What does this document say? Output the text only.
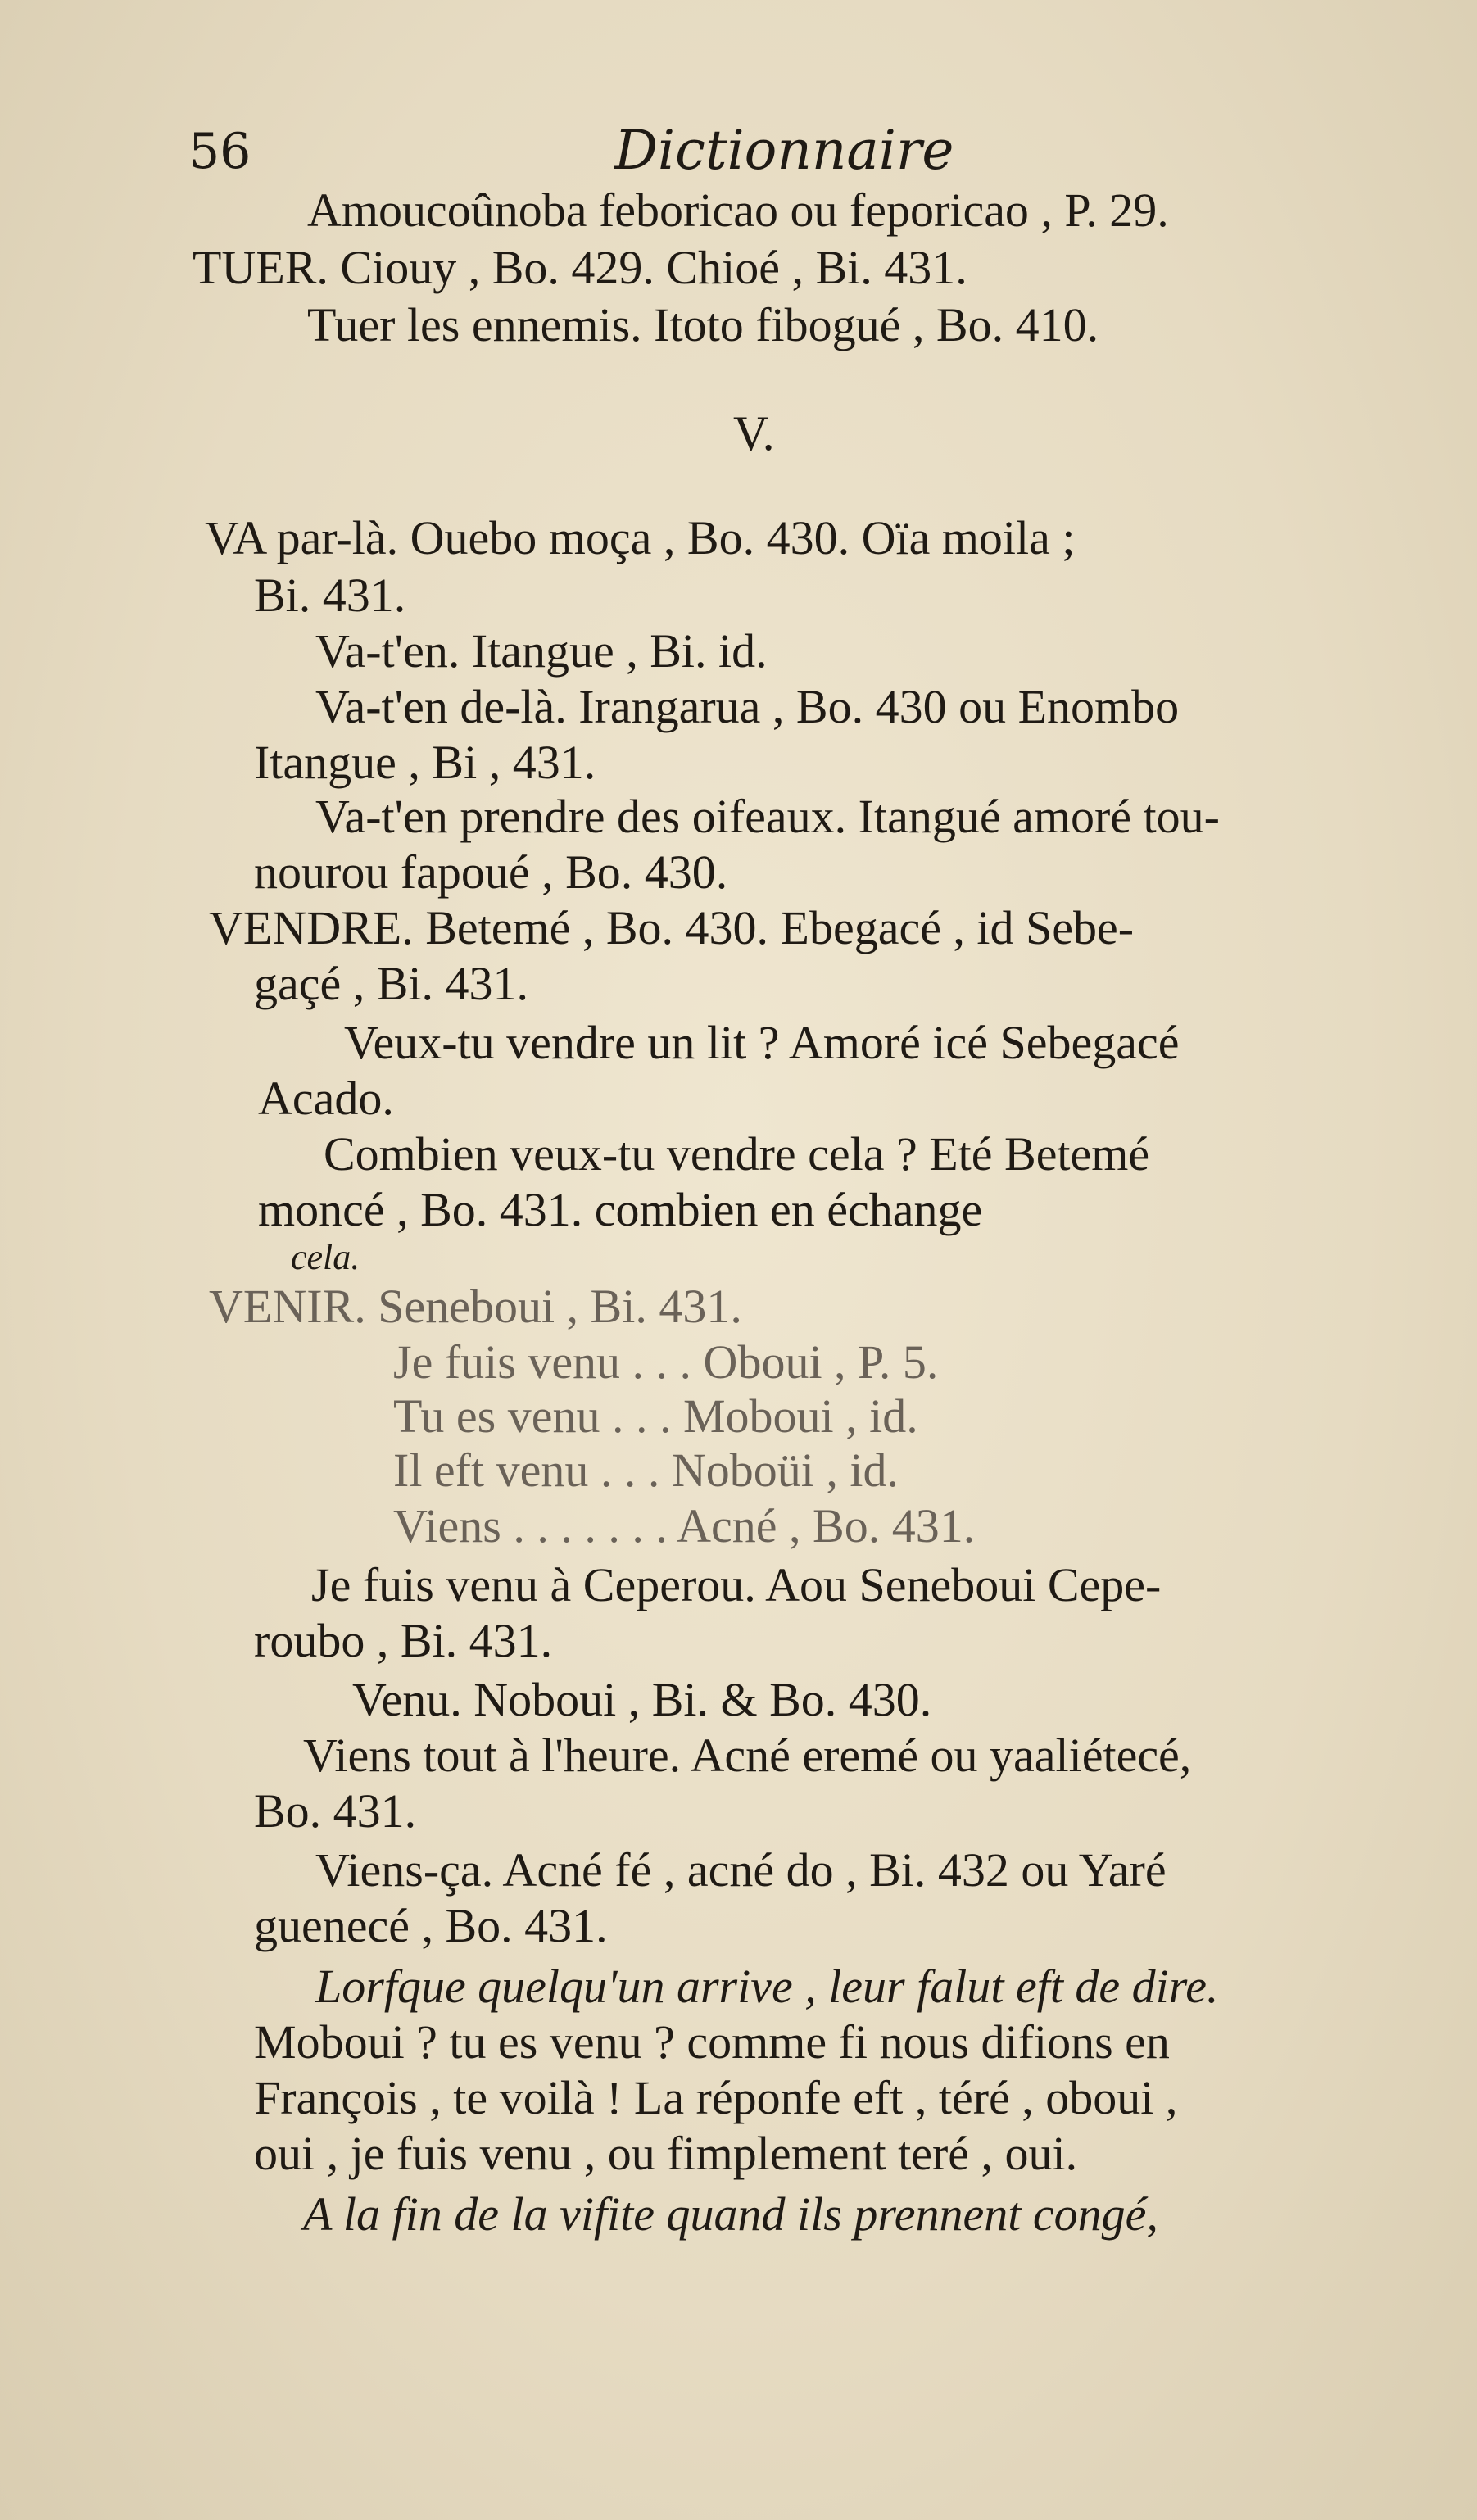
56	Dictionnaire
Amoucoûnoba feboricao ou feporicao , P. 29.
TUER. Ciouy , Bo. 429. Chioé , Bi. 431.
Tuer les ennemis. Itoto fibogué , Bo. 410.
V.
VA par-là. Ouebo moça , Bo. 430. Oïa moila ;
Bi. 431.
Va-t'en. Itangue , Bi. id.
Va-t'en de-là. Irangarua , Bo. 430 ou Enombo
Itangue , Bi , 431.
Va-t'en prendre des oifeaux. Itangué amoré tou-
nourou fapoué , Bo. 430.
VENDRE. Betemé , Bo. 430. Ebegacé , id Sebe-
gaçé , Bi. 431.
Veux-tu vendre un lit ? Amoré icé Sebegacé
Acado.
Combien veux-tu vendre cela ? Eté Betemé
moncé , Bo. 431. combien en échange
cela.
VENIR. Seneboui , Bi. 431.
Je fuis venu . . . Oboui , P. 5.
Tu es venu . . . Moboui , id.
Il eft venu . . . Noboüi , id.
Viens . . . . . . . Acné , Bo. 431.
Je fuis venu à Ceperou. Aou Seneboui Cepe-
roubo , Bi. 431.
Venu. Noboui , Bi. & Bo. 430.
Viens tout à l'heure. Acné eremé ou yaaliétecé,
Bo. 431.
Viens-ça. Acné fé , acné do , Bi. 432 ou Yaré
guenecé , Bo. 431.
Lorfque quelqu'un arrive , leur falut eft de dire.
Moboui ? tu es venu ? comme fi nous difions en
François , te voilà ! La réponfe eft , téré , oboui ,
oui , je fuis venu , ou fimplement teré , oui.
A la fin de la vifite quand ils prennent congé,
